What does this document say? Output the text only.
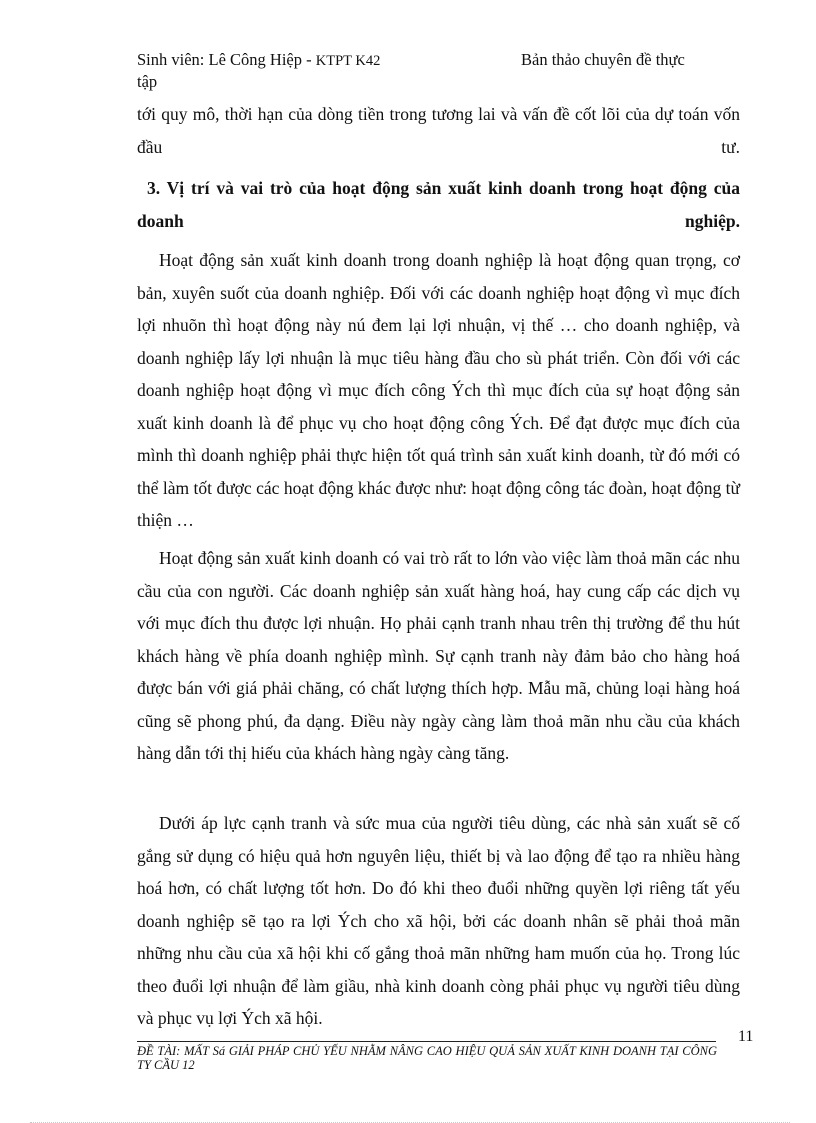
Sinh viên: Lê Công Hiệp - KTPT K42	Bản thảo chuyên đề thực
tập

tới quy mô, thời hạn của dòng tiền trong tương lai và vấn đề cốt lõi của dự toán vốn đầu tư.

3. Vị trí và vai trò của hoạt động sản xuất kinh doanh trong hoạt động của doanh nghiệp.

Hoạt động sản xuất kinh doanh trong doanh nghiệp là hoạt động quan trọng, cơ bản, xuyên suốt của doanh nghiệp. Đối với các doanh nghiệp hoạt động vì mục đích lợi nhuõn thì hoạt động này nú đem lại lợi nhuận, vị thế … cho doanh nghiệp, và doanh nghiệp lấy lợi nhuận là mục tiêu hàng đầu cho sù phát triển. Còn đối với các doanh nghiệp hoạt động vì mục đích công Ých thì mục đích của sự hoạt động sản xuất kinh doanh là để phục vụ cho hoạt động công Ých. Để đạt được mục đích của mình thì doanh nghiệp phải thực hiện tốt quá trình sản xuất kinh doanh, từ đó mới có thể làm tốt được các hoạt động khác được như: hoạt động công tác đoàn, hoạt động từ thiện …

Hoạt động sản xuất kinh doanh có vai trò rất to lớn vào việc làm thoả mãn các nhu cầu của con người. Các doanh nghiệp sản xuất hàng hoá, hay cung cấp các dịch vụ với mục đích thu được lợi nhuận. Họ phải cạnh tranh nhau trên thị trường để thu hút khách hàng về phía doanh nghiệp mình. Sự cạnh tranh này đảm bảo cho hàng hoá được bán với giá phải chăng, có chất lượng thích hợp. Mẫu mã, chủng loại hàng hoá cũng sẽ phong phú, đa dạng. Điều này ngày càng làm thoả mãn nhu cầu của khách hàng dẫn tới thị hiếu của khách hàng ngày càng tăng.

Dưới áp lực cạnh tranh và sức mua của người tiêu dùng, các nhà sản xuất sẽ cố gắng sử dụng có hiệu quả hơn nguyên liệu, thiết bị và lao động để tạo ra nhiều hàng hoá hơn, có chất lượng tốt hơn. Do đó khi theo đuổi những quyền lợi riêng tất yếu doanh nghiệp sẽ tạo ra lợi Ých cho xã hội, bởi các doanh nhân sẽ phải thoả mãn những nhu cầu của xã hội khi cố gắng thoả mãn những ham muốn của họ. Trong lúc theo đuổi lợi nhuận để làm giầu, nhà kinh doanh còng phải phục vụ người tiêu dùng và phục vụ lợi Ých xã hội.

11

ĐỀ TÀI: MẤT Sá GIẢI PHÁP CHỦ YẾU NHẰM NÂNG CAO HIỆU QUẢ SẢN XUẤT KINH DOANH TẠI CÔNG TY CẦU 12
